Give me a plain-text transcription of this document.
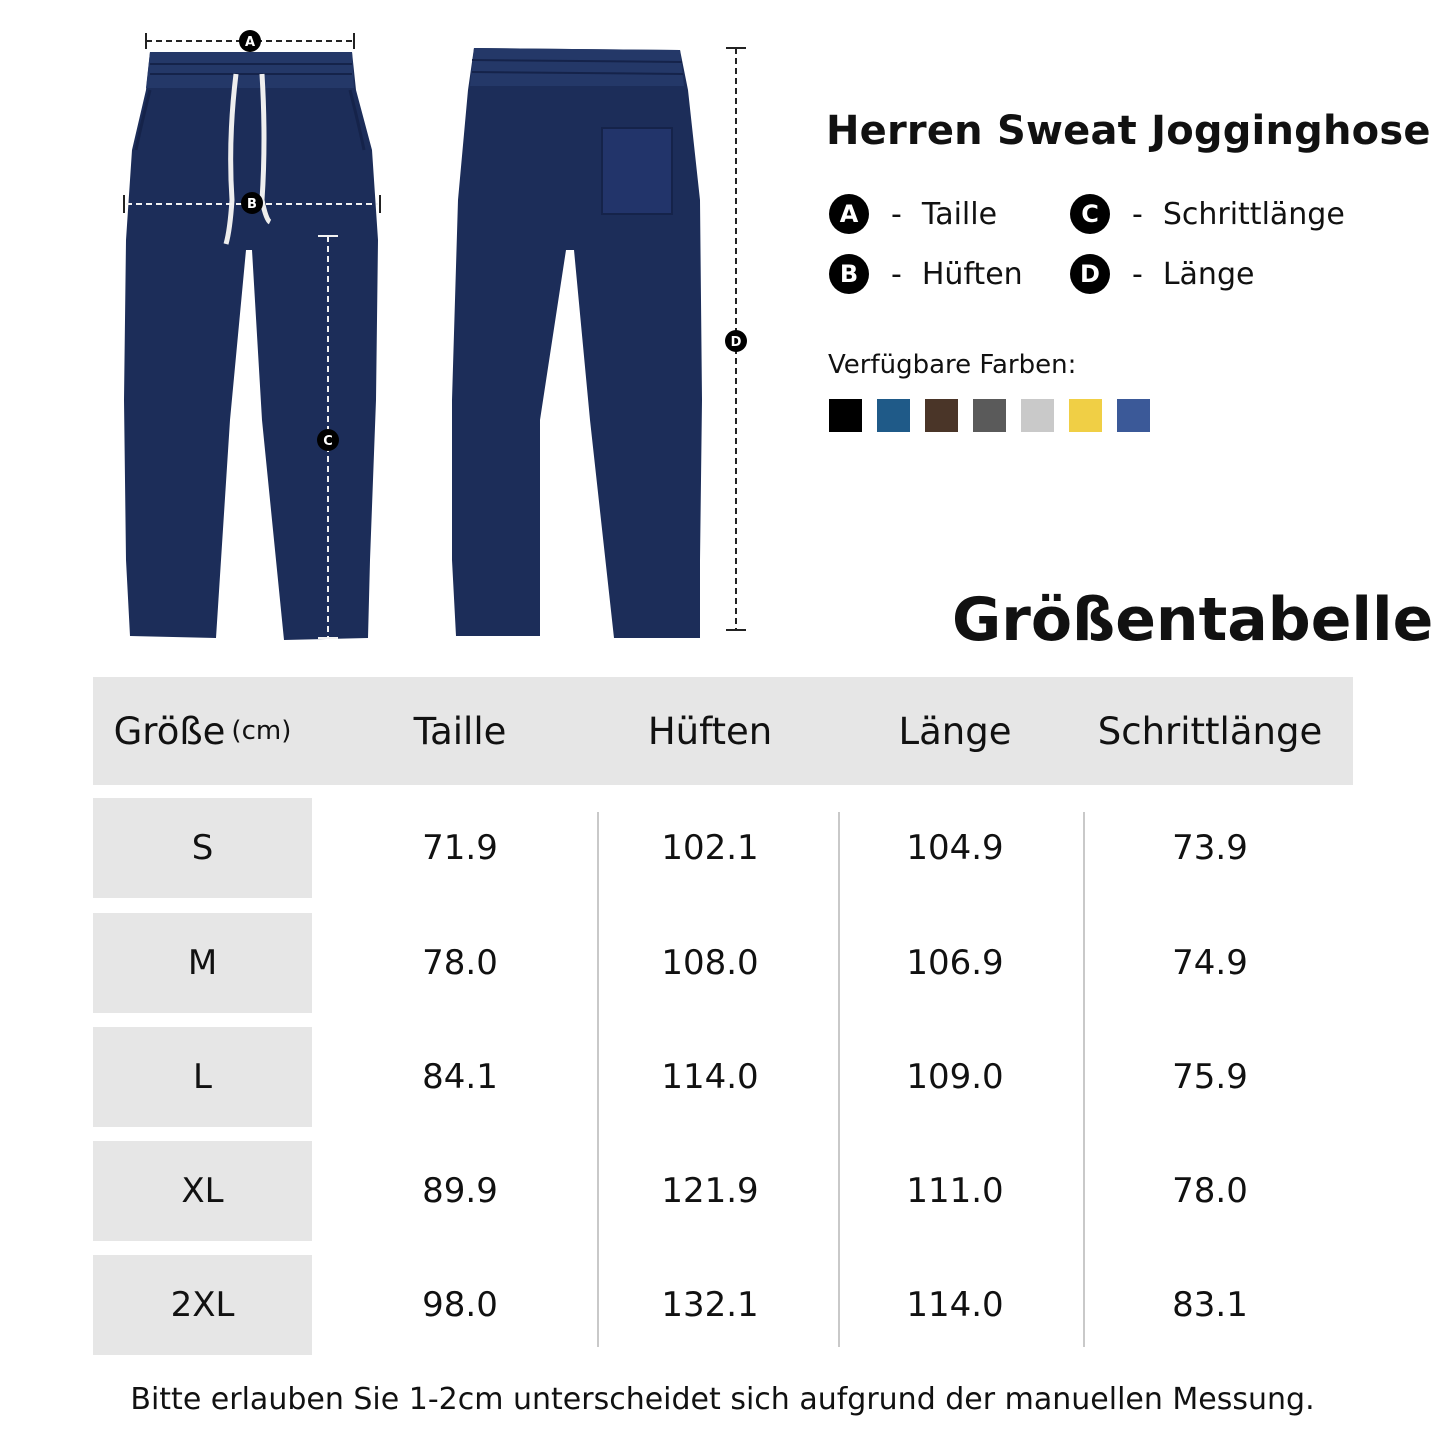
A
B
C
D
Herren Sweat Jogginghose
A	- Taille
B	- Hüften
C	- Schrittlänge
D	- Länge
Verfügbare Farben:
Größentabelle
Größe (cm)	Taille	Hüften	Länge	Schrittlänge
S	71.9	102.1	104.9	73.9
M	78.0	108.0	106.9	74.9
L	84.1	114.0	109.0	75.9
XL	89.9	121.9	111.0	78.0
2XL	98.0	132.1	114.0	83.1
Bitte erlauben Sie 1-2cm unterscheidet sich aufgrund der manuellen Messung.
